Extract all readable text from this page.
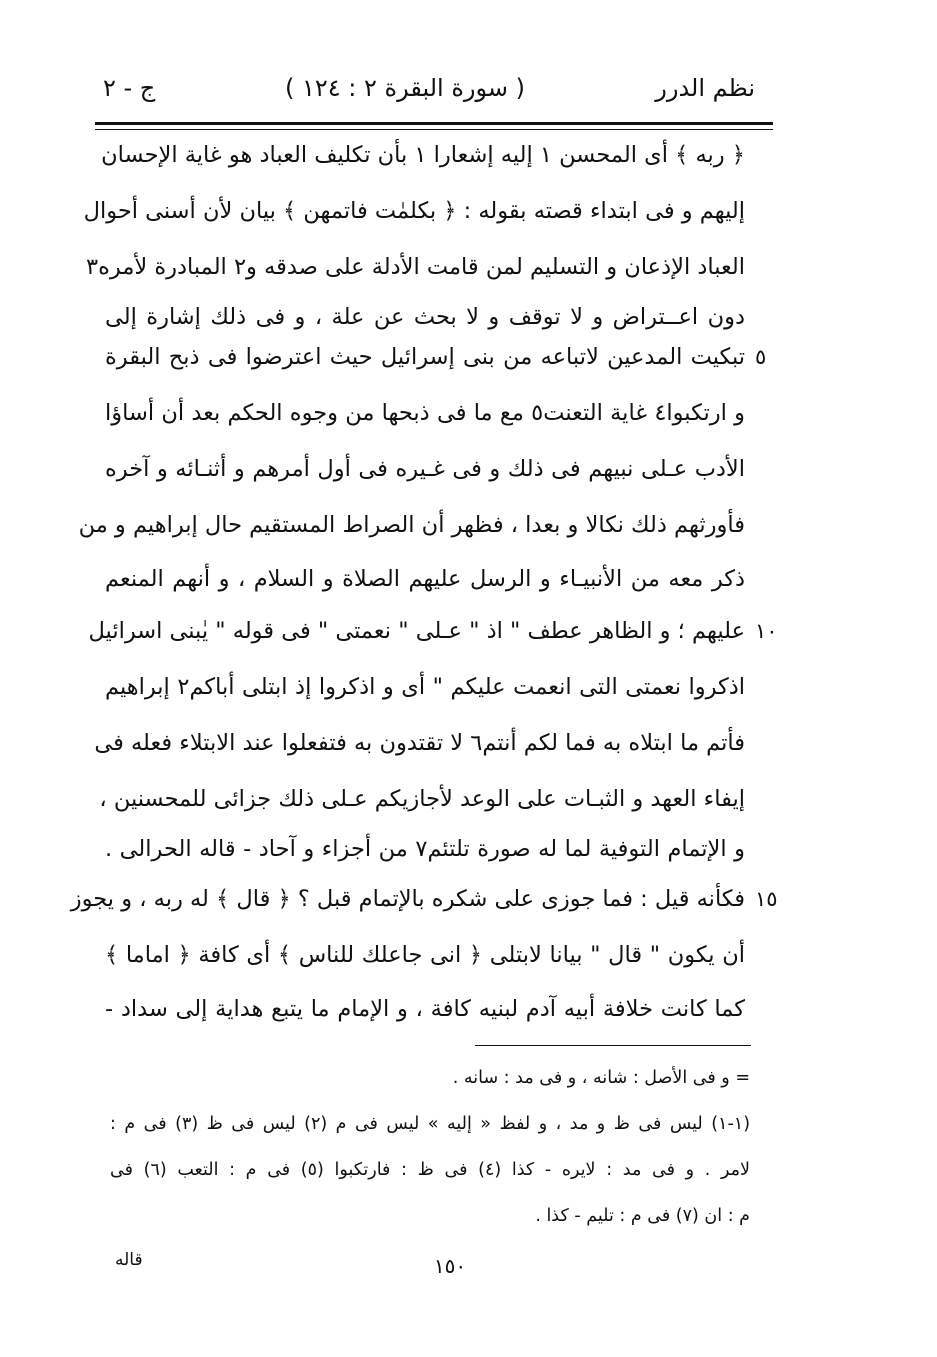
نظم الدرر
( سورة البقرة ٢ : ١٢٤ )
ج - ٢
﴿ ربه ﴾ أى المحسن ١ إليه إشعارا ١ بأن تكليف العباد هو غاية الإحسان
إليهم و فى ابتداء قصته بقوله : ﴿ بكلمٰت فاتمهن ﴾ بيان لأن أسنى أحوال
العباد الإذعان و التسليم لمن قامت الأدلة على صدقه و٢ المبادرة لأمره٣
دون اعــتراض و لا توقف و لا بحث عن علة ، و فى ذلك إشارة إلى
تبكيت المدعين لاتباعه من بنى إسرائيل حيث اعترضوا فى ذبح البقرة
و ارتكبوا٤ غاية التعنت٥ مع ما فى ذبحها من وجوه الحكم بعد أن أساؤا
الأدب عـلى نبيهم فى ذلك و فى غـيره فى أول أمرهم و أثنـائه و آخره
فأورثهم ذلك نكالا و بعدا ، فظهر أن الصراط المستقيم حال إبراهيم و من
ذكر معه من الأنبيـاء و الرسل عليهم الصلاة و السلام ، و أنهم المنعم
عليهم ؛ و الظاهر عطف " اذ " عـلى " نعمتى " فى قوله " يٰبنى اسرائيل
اذكروا نعمتى التى انعمت عليكم " أى و اذكروا إذ ابتلى أباكم٢ إبراهيم
فأتم ما ابتلاه به فما لكم أنتم٦ لا تقتدون به فتفعلوا عند الابتلاء فعله فى
إيفاء العهد و الثبـات على الوعد لأجازيكم عـلى ذلك جزائى للمحسنين ،
و الإتمام التوفية لما له صورة تلتئم٧ من أجزاء و آحاد - قاله الحرالى .
فكأنه قيل : فما جوزى على شكره بالإتمام قبل ؟ ﴿ قال ﴾ له ربه ، و يجوز
أن يكون " قال " بيانا لابتلى ﴿ انى جاعلك للناس ﴾ أى كافة ﴿ اماما ﴾
كما كانت خلافة أبيه آدم لبنيه كافة ، و الإمام ما يتبع هداية إلى سداد -
٥
١٠
١٥
= و فى الأصل : شانه ، و فى مد : سانه .
(١-١) ليس فى ظ و مد ، و لفظ « إليه » ليس فى م (٢) ليس فى ظ (٣) فى م :
لامر . و فى مد : لايره - كذا (٤) فى ظ : فارتكبوا (٥) فى م : التعب (٦) فى
م : ان (٧) فى م : تليم - كذا .
١٥٠
قاله
